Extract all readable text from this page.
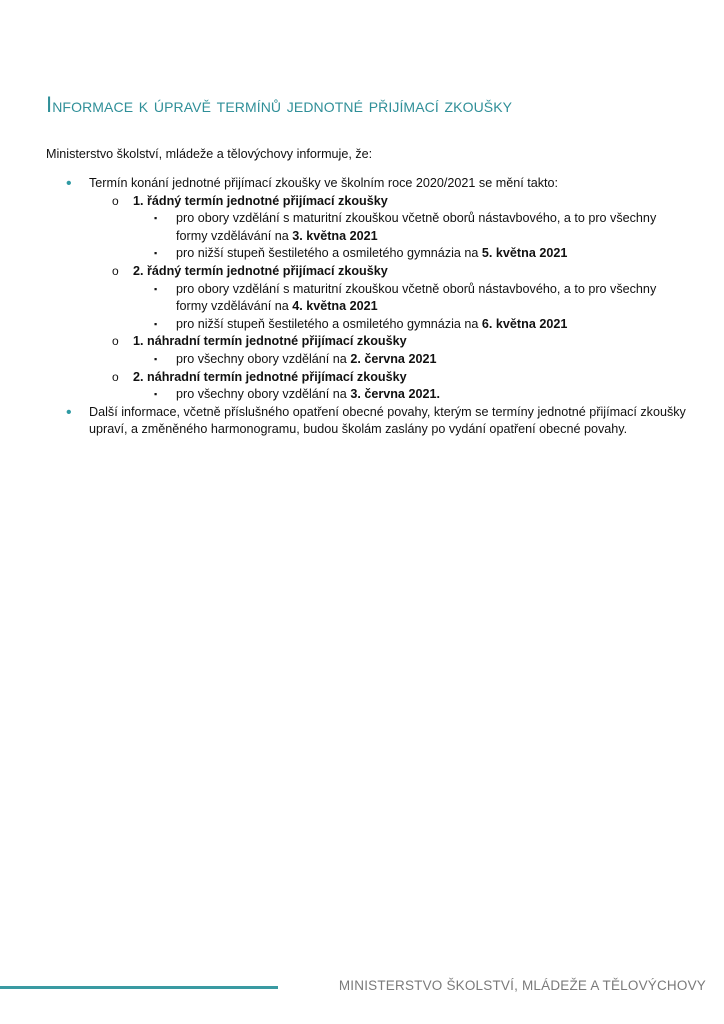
Informace k úpravě termínů jednotné přijímací zkoušky
Ministerstvo školství, mládeže a tělovýchovy informuje, že:
• Termín konání jednotné přijímací zkoušky ve školním roce 2020/2021 se mění takto:
o 1. řádný termín jednotné přijímací zkoušky
▪ pro obory vzdělání s maturitní zkouškou včetně oborů nástavbového, a to pro všechny formy vzdělávání na 3. května 2021
▪ pro nižší stupeň šestiletého a osmiletého gymnázia na 5. května 2021
o 2. řádný termín jednotné přijímací zkoušky
▪ pro obory vzdělání s maturitní zkouškou včetně oborů nástavbového, a to pro všechny formy vzdělávání na 4. května 2021
▪ pro nižší stupeň šestiletého a osmiletého gymnázia na 6. května 2021
o 1. náhradní termín jednotné přijímací zkoušky
▪ pro všechny obory vzdělání na 2. června 2021
o 2. náhradní termín jednotné přijímací zkoušky
▪ pro všechny obory vzdělání na 3. června 2021.
• Další informace, včetně příslušného opatření obecné povahy, kterým se termíny jednotné přijímací zkoušky upraví, a změněného harmonogramu, budou školám zaslány po vydání opatření obecné povahy.
MINISTERSTVO ŠKOLSTVÍ, MLÁDEŽE A TĚLOVÝCHOVY
